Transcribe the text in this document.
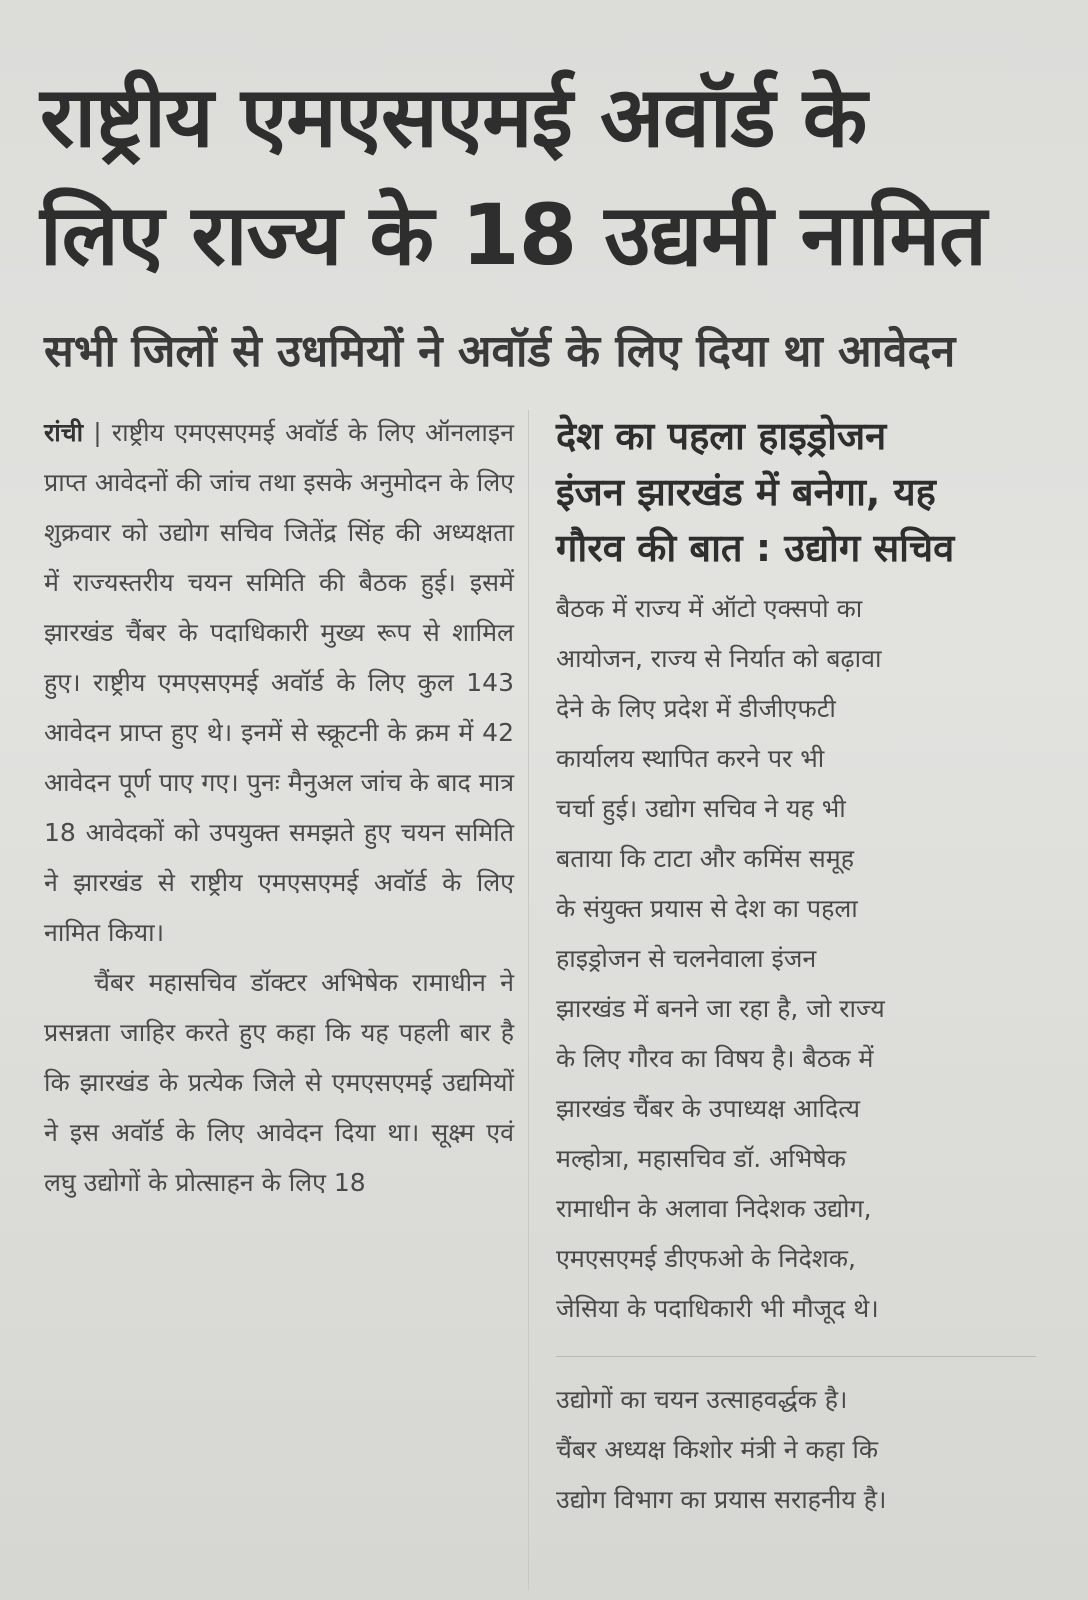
राष्ट्रीय एमएसएमई अवॉर्ड के
लिए राज्य के 18 उद्यमी नामित
सभी जिलों से उधमियों ने अवॉर्ड के लिए दिया था आवेदन

रांची | राष्ट्रीय एमएसएमई अवॉर्ड के लिए ऑनलाइन प्राप्त आवेदनों की जांच तथा इसके अनुमोदन के लिए शुक्रवार को उद्योग सचिव जितेंद्र सिंह की अध्यक्षता में राज्यस्तरीय चयन समिति की बैठक हुई। इसमें झारखंड चैंबर के पदाधिकारी मुख्य रूप से शामिल हुए। राष्ट्रीय एमएसएमई अवॉर्ड के लिए कुल 143 आवेदन प्राप्त हुए थे। इनमें से स्क्रूटनी के क्रम में 42 आवेदन पूर्ण पाए गए। पुनः मैनुअल जांच के बाद मात्र 18 आवेदकों को उपयुक्त समझते हुए चयन समिति ने झारखंड से राष्ट्रीय एमएसएमई अवॉर्ड के लिए नामित किया।

चैंबर महासचिव डॉक्टर अभिषेक रामाधीन ने प्रसन्नता जाहिर करते हुए कहा कि यह पहली बार है कि झारखंड के प्रत्येक जिले से एमएसएमई उद्यमियों ने इस अवॉर्ड के लिए आवेदन दिया था। सूक्ष्म एवं लघु उद्योगों के प्रोत्साहन के लिए 18

देश का पहला हाइड्रोजन
इंजन झारखंड में बनेगा, यह
गौरव की बात : उद्योग सचिव
बैठक में राज्य में ऑटो एक्सपो का
आयोजन, राज्य से निर्यात को बढ़ावा
देने के लिए प्रदेश में डीजीएफटी
कार्यालय स्थापित करने पर भी
चर्चा हुई। उद्योग सचिव ने यह भी
बताया कि टाटा और कमिंस समूह
के संयुक्त प्रयास से देश का पहला
हाइड्रोजन से चलनेवाला इंजन
झारखंड में बनने जा रहा है, जो राज्य
के लिए गौरव का विषय है। बैठक में
झारखंड चैंबर के उपाध्यक्ष आदित्य
मल्होत्रा, महासचिव डॉ. अभिषेक
रामाधीन के अलावा निदेशक उद्योग,
एमएसएमई डीएफओ के निदेशक,
जेसिया के पदाधिकारी भी मौजूद थे।
उद्योगों का चयन उत्साहवर्द्धक है।
चैंबर अध्यक्ष किशोर मंत्री ने कहा कि
उद्योग विभाग का प्रयास सराहनीय है।
